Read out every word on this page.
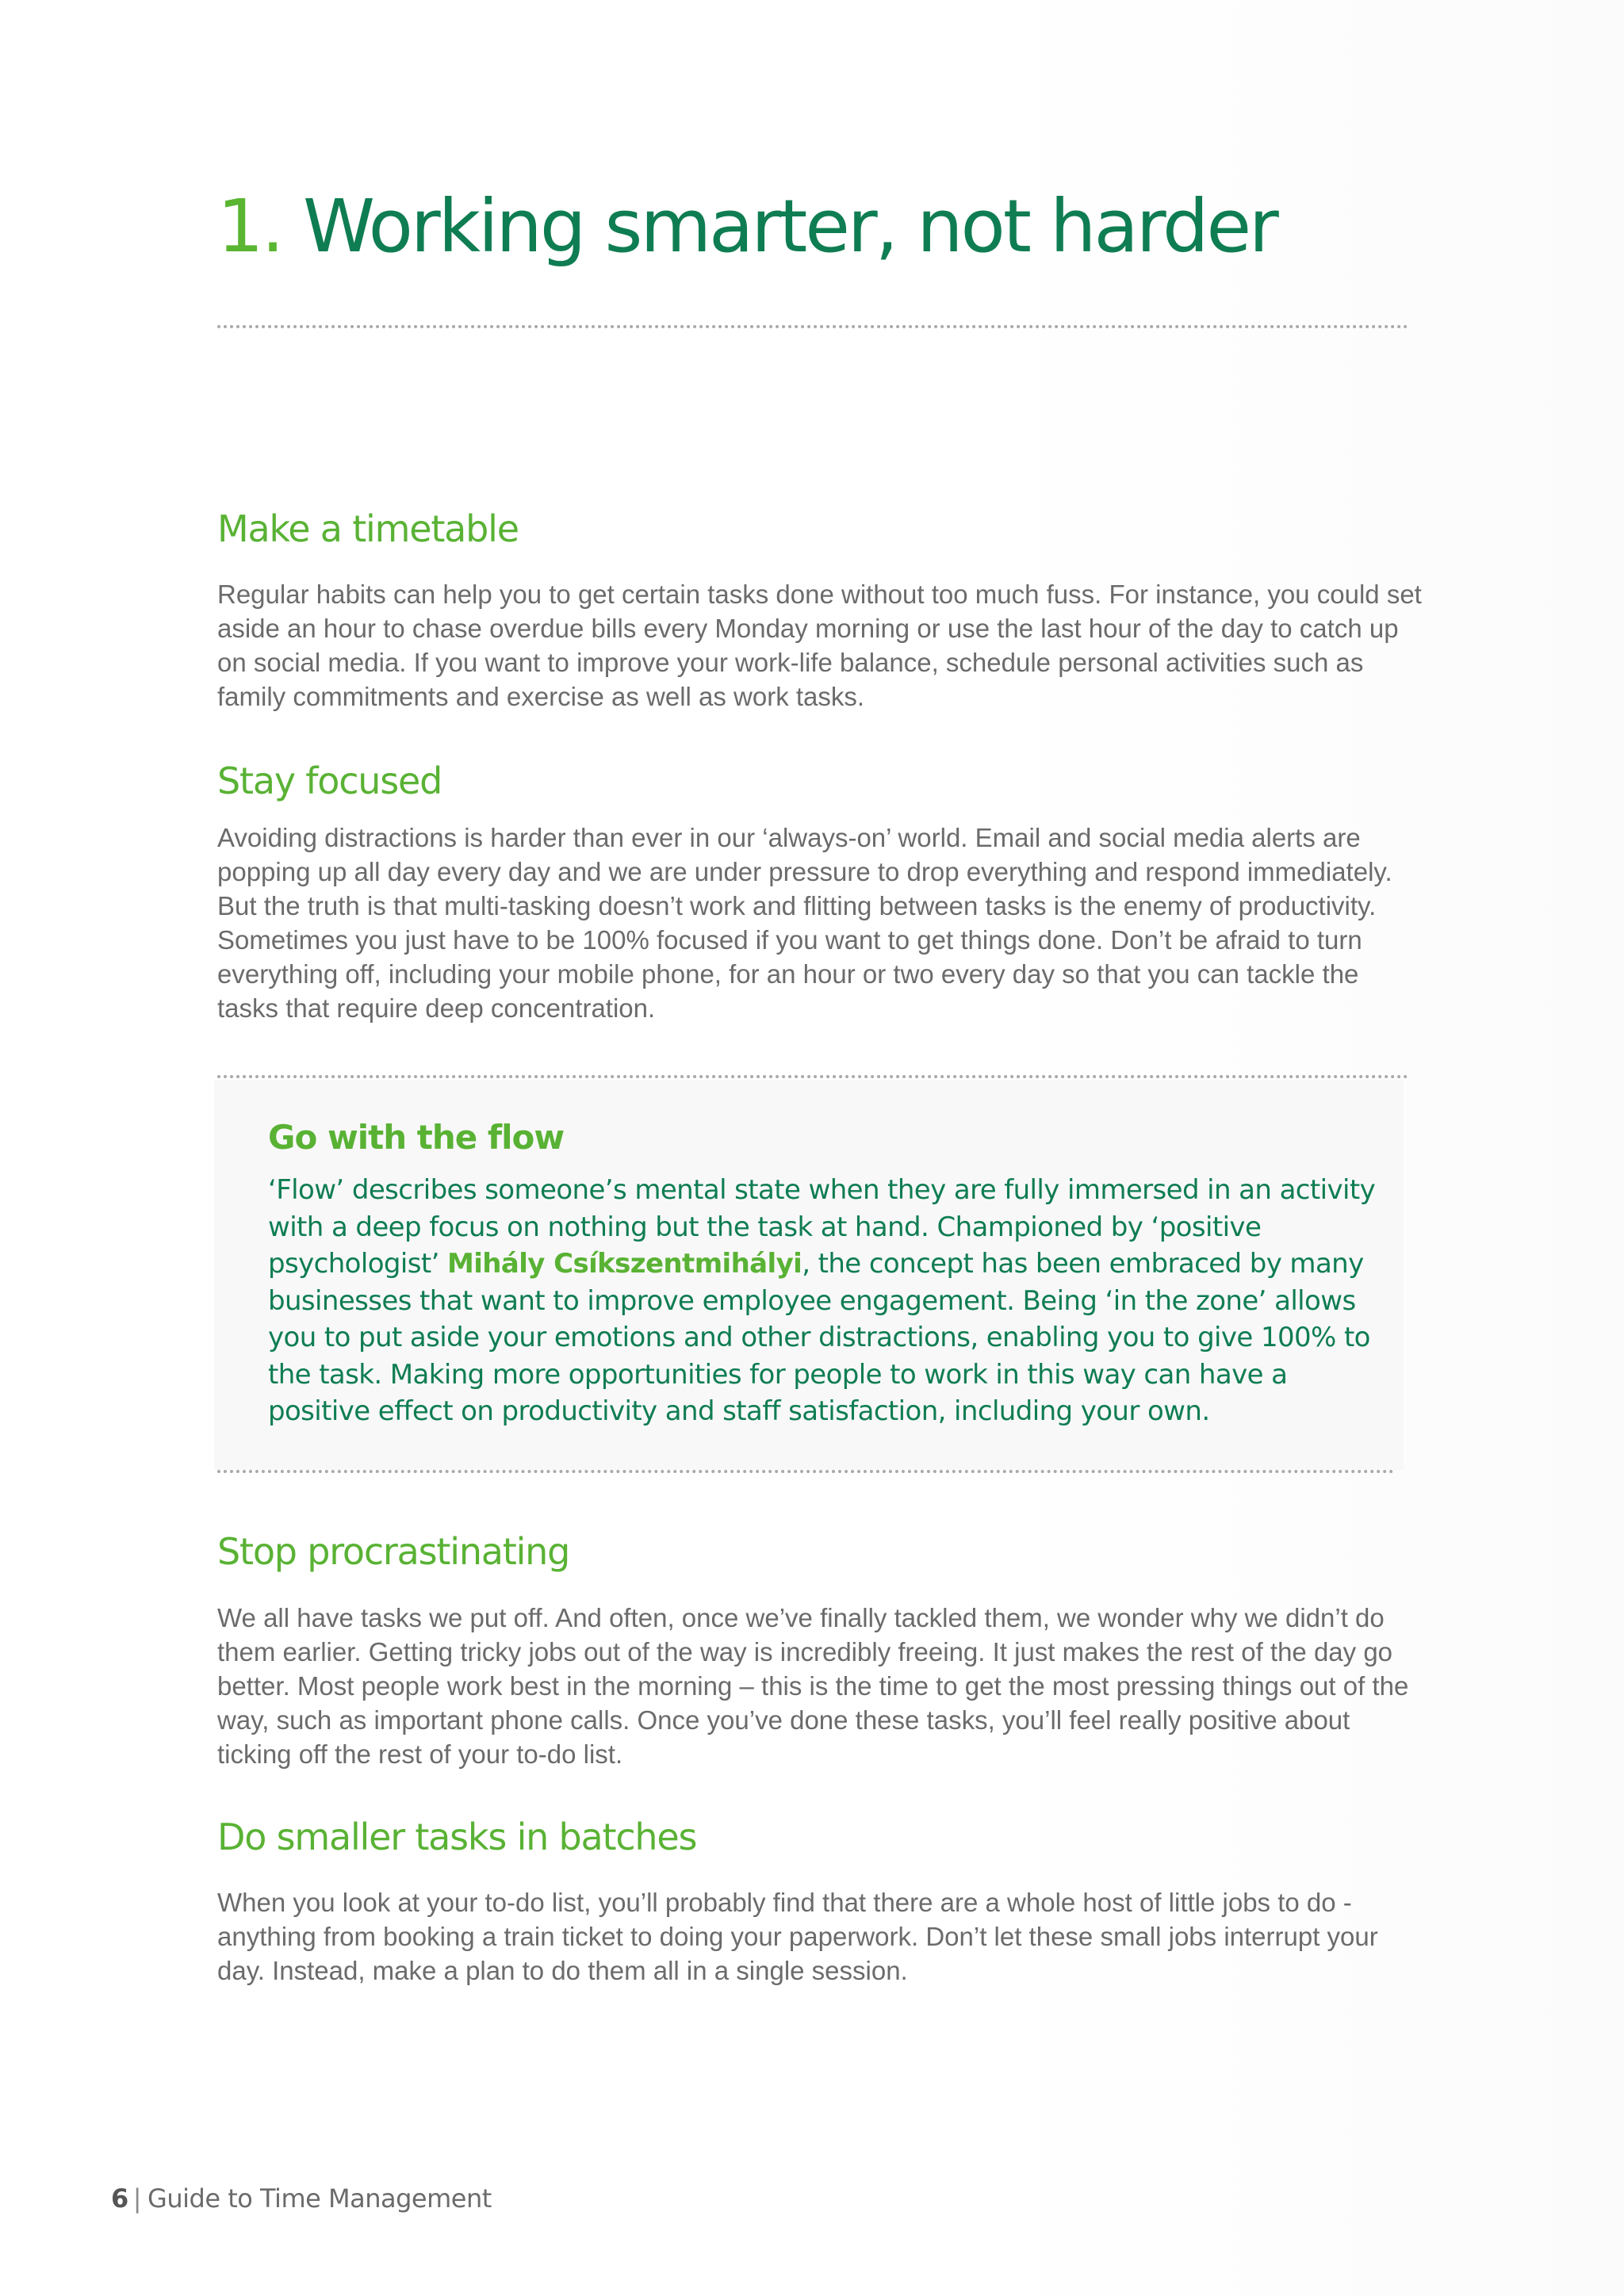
1. Working smarter, not harder
Make a timetable

Regular habits can help you to get certain tasks done without too much fuss. For instance, you could set aside an hour to chase overdue bills every Monday morning or use the last hour of the day to catch up on social media. If you want to improve your work-life balance, schedule personal activities such as family commitments and exercise as well as work tasks.

Stay focused

Avoiding distractions is harder than ever in our ‘always-on’ world. Email and social media alerts are popping up all day every day and we are under pressure to drop everything and respond immediately. But the truth is that multi-tasking doesn’t work and flitting between tasks is the enemy of productivity. Sometimes you just have to be 100% focused if you want to get things done. Don’t be afraid to turn everything off, including your mobile phone, for an hour or two every day so that you can tackle the tasks that require deep concentration.

Go with the flow

‘Flow’ describes someone’s mental state when they are fully immersed in an activity with a deep focus on nothing but the task at hand. Championed by ‘positive psychologist’ Mihály Csíkszentmihályi, the concept has been embraced by many businesses that want to improve employee engagement. Being ‘in the zone’ allows you to put aside your emotions and other distractions, enabling you to give 100% to the task. Making more opportunities for people to work in this way can have a positive effect on productivity and staff satisfaction, including your own.

Stop procrastinating

We all have tasks we put off. And often, once we’ve finally tackled them, we wonder why we didn’t do them earlier. Getting tricky jobs out of the way is incredibly freeing. It just makes the rest of the day go better. Most people work best in the morning – this is the time to get the most pressing things out of the way, such as important phone calls. Once you’ve done these tasks, you’ll feel really positive about ticking off the rest of your to-do list.

Do smaller tasks in batches

When you look at your to-do list, you’ll probably find that there are a whole host of little jobs to do - anything from booking a train ticket to doing your paperwork. Don’t let these small jobs interrupt your day. Instead, make a plan to do them all in a single session.

6 | Guide to Time Management
